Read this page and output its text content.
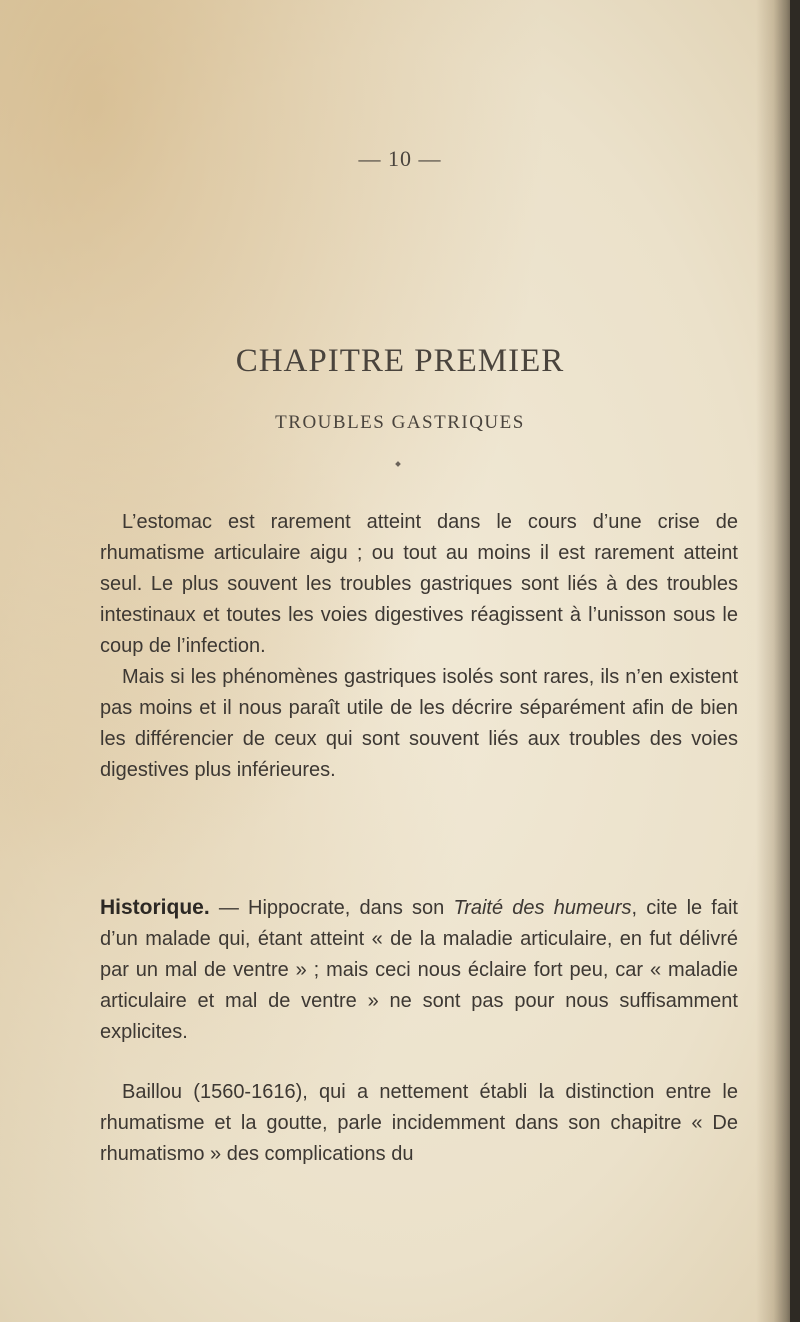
— 10 —
CHAPITRE PREMIER
TROUBLES GASTRIQUES

L’estomac est rarement atteint dans le cours d’une crise de rhumatisme articulaire aigu ; ou tout au moins il est rarement atteint seul. Le plus souvent les troubles gastriques sont liés à des troubles intestinaux et toutes les voies digestives réagissent à l’unisson sous le coup de l’infection.

Mais si les phénomènes gastriques isolés sont rares, ils n’en existent pas moins et il nous paraît utile de les décrire séparément afin de bien les différencier de ceux qui sont souvent liés aux troubles des voies digestives plus inférieures.

Historique. — Hippocrate, dans son Traité des humeurs, cite le fait d’un malade qui, étant atteint « de la maladie articulaire, en fut délivré par un mal de ventre » ; mais ceci nous éclaire fort peu, car « maladie articulaire et mal de ventre » ne sont pas pour nous suffisamment explicites.

Baillou (1560-1616), qui a nettement établi la distinction entre le rhumatisme et la goutte, parle incidemment dans son chapitre « De rhumatismo » des complications du
